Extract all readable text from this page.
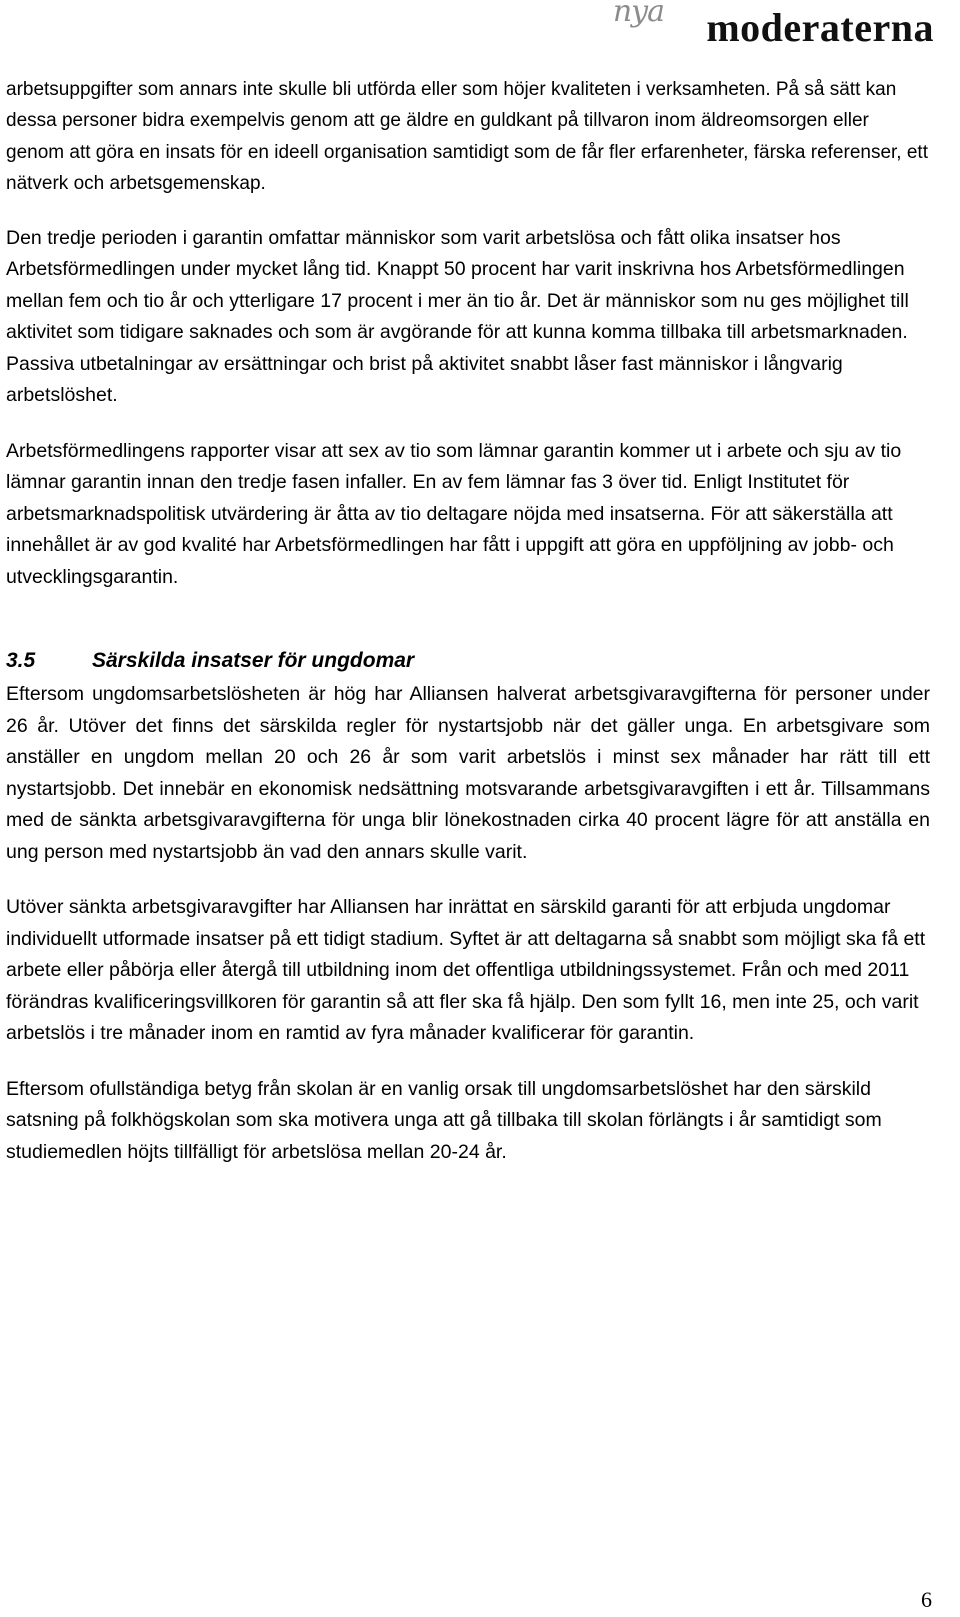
nya moderaterna

arbetsuppgifter som annars inte skulle bli utförda eller som höjer kvaliteten i verksamheten. På så sätt kan dessa personer bidra exempelvis genom att ge äldre en guldkant på tillvaron inom äldreomsorgen eller genom att göra en insats för en ideell organisation samtidigt som de får fler erfarenheter, färska referenser, ett nätverk och arbetsgemenskap.

Den tredje perioden i garantin omfattar människor som varit arbetslösa och fått olika insatser hos Arbetsförmedlingen under mycket lång tid. Knappt 50 procent har varit inskrivna hos Arbetsförmedlingen mellan fem och tio år och ytterligare 17 procent i mer än tio år. Det är människor som nu ges möjlighet till aktivitet som tidigare saknades och som är avgörande för att kunna komma tillbaka till arbetsmarknaden. Passiva utbetalningar av ersättningar och brist på aktivitet snabbt låser fast människor i långvarig arbetslöshet.

Arbetsförmedlingens rapporter visar att sex av tio som lämnar garantin kommer ut i arbete och sju av tio lämnar garantin innan den tredje fasen infaller. En av fem lämnar fas 3 över tid. Enligt Institutet för arbetsmarknadspolitisk utvärdering är åtta av tio deltagare nöjda med insatserna. För att säkerställa att innehållet är av god kvalité har Arbetsförmedlingen har fått i uppgift att göra en uppföljning av jobb- och utvecklingsgarantin.

3.5	Särskilda insatser för ungdomar

Eftersom ungdomsarbetslösheten är hög har Alliansen halverat arbetsgivaravgifterna för personer under 26 år. Utöver det finns det särskilda regler för nystartsjobb när det gäller unga. En arbetsgivare som anställer en ungdom mellan 20 och 26 år som varit arbetslös i minst sex månader har rätt till ett nystartsjobb. Det innebär en ekonomisk nedsättning motsvarande arbetsgivaravgiften i ett år. Tillsammans med de sänkta arbetsgivaravgifterna för unga blir lönekostnaden cirka 40 procent lägre för att anställa en ung person med nystartsjobb än vad den annars skulle varit.

Utöver sänkta arbetsgivaravgifter har Alliansen har inrättat en särskild garanti för att erbjuda ungdomar individuellt utformade insatser på ett tidigt stadium. Syftet är att deltagarna så snabbt som möjligt ska få ett arbete eller påbörja eller återgå till utbildning inom det offentliga utbildningssystemet. Från och med 2011 förändras kvalificeringsvillkoren för garantin så att fler ska få hjälp. Den som fyllt 16, men inte 25, och varit arbetslös i tre månader inom en ramtid av fyra månader kvalificerar för garantin.

Eftersom ofullständiga betyg från skolan är en vanlig orsak till ungdomsarbetslöshet har den särskild satsning på folkhögskolan som ska motivera unga att gå tillbaka till skolan förlängts i år samtidigt som studiemedlen höjts tillfälligt för arbetslösa mellan 20-24 år.

6
